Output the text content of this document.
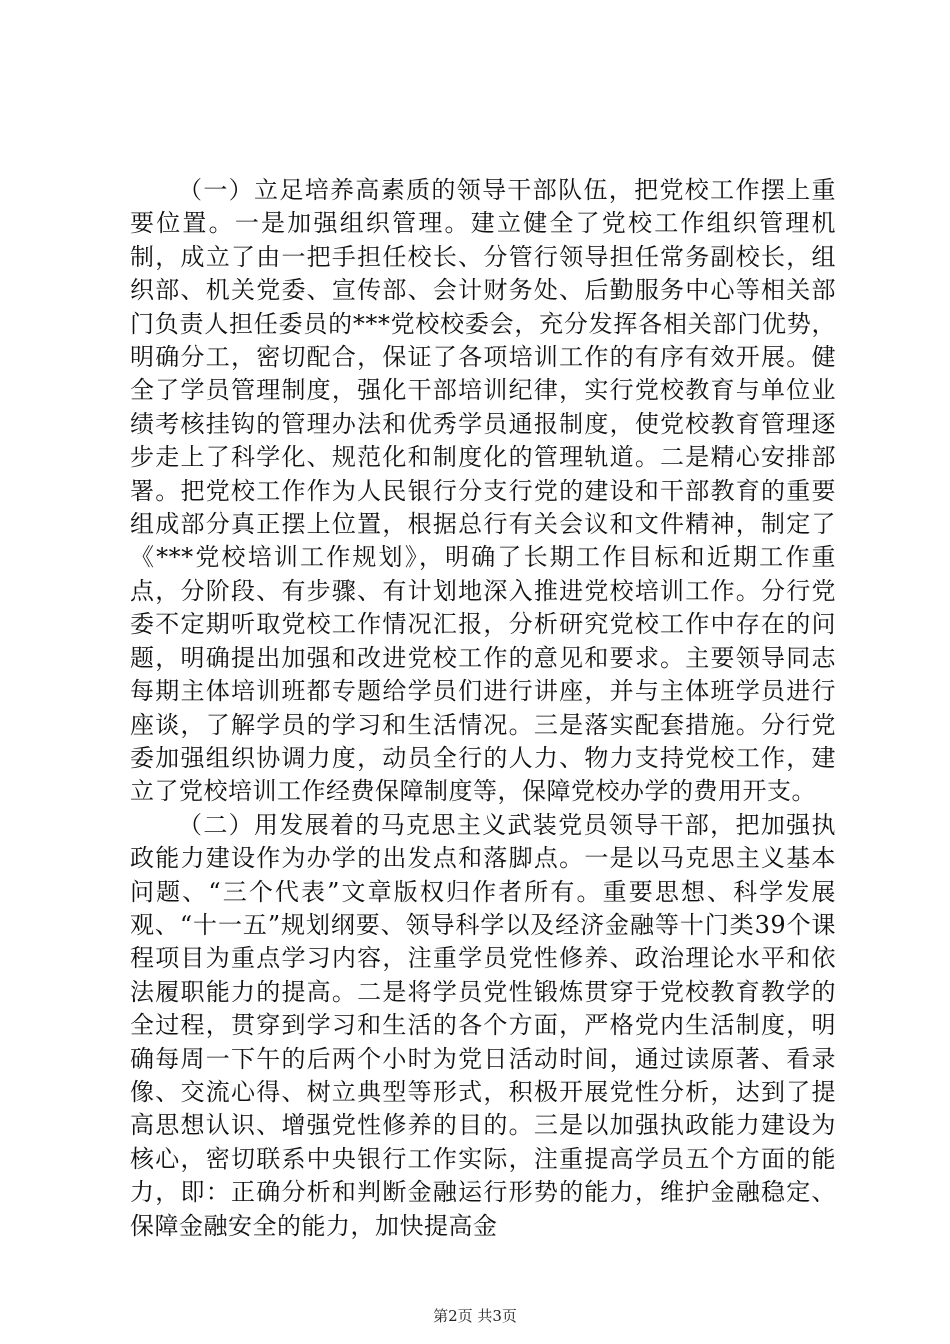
（一）立足培养高素质的领导干部队伍，把党校工作摆上重要位置。一是加强组织管理。建立健全了党校工作组织管理机制，成立了由一把手担任校长、分管行领导担任常务副校长，组织部、机关党委、宣传部、会计财务处、后勤服务中心等相关部门负责人担任委员的***党校校委会，充分发挥各相关部门优势，明确分工，密切配合，保证了各项培训工作的有序有效开展。健全了学员管理制度，强化干部培训纪律，实行党校教育与单位业绩考核挂钩的管理办法和优秀学员通报制度，使党校教育管理逐步走上了科学化、规范化和制度化的管理轨道。二是精心安排部署。把党校工作作为人民银行分支行党的建设和干部教育的重要组成部分真正摆上位置，根据总行有关会议和文件精神，制定了《***党校培训工作规划》，明确了长期工作目标和近期工作重点，分阶段、有步骤、有计划地深入推进党校培训工作。分行党委不定期听取党校工作情况汇报，分析研究党校工作中存在的问题，明确提出加强和改进党校工作的意见和要求。主要领导同志每期主体培训班都专题给学员们进行讲座，并与主体班学员进行座谈，了解学员的学习和生活情况。三是落实配套措施。分行党委加强组织协调力度，动员全行的人力、物力支持党校工作，建立了党校培训工作经费保障制度等，保障党校办学的费用开支。

（二）用发展着的马克思主义武装党员领导干部，把加强执政能力建设作为办学的出发点和落脚点。一是以马克思主义基本问题、“三个代表”文章版权归作者所有。重要思想、科学发展观、“十一五”规划纲要、领导科学以及经济金融等十门类39个课程项目为重点学习内容，注重学员党性修养、政治理论水平和依法履职能力的提高。二是将学员党性锻炼贯穿于党校教育教学的全过程，贯穿到学习和生活的各个方面，严格党内生活制度，明确每周一下午的后两个小时为党日活动时间，通过读原著、看录像、交流心得、树立典型等形式，积极开展党性分析，达到了提高思想认识、增强党性修养的目的。三是以加强执政能力建设为核心，密切联系中央银行工作实际，注重提高学员五个方面的能力，即：正确分析和判断金融运行形势的能力，维护金融稳定、保障金融安全的能力，加快提高金

第2页 共3页
